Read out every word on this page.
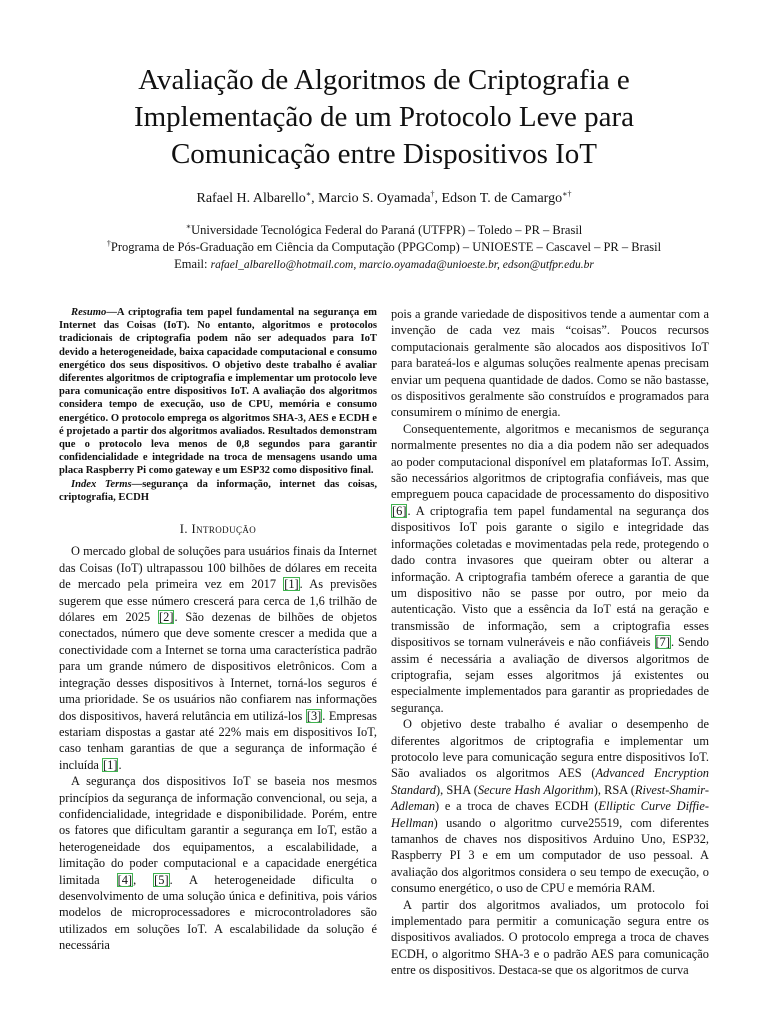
Avaliação de Algoritmos de Criptografia e Implementação de um Protocolo Leve para Comunicação entre Dispositivos IoT
Rafael H. Albarello∗, Marcio S. Oyamada†, Edson T. de Camargo∗†
∗Universidade Tecnológica Federal do Paraná (UTFPR) – Toledo – PR – Brasil
†Programa de Pós-Graduação em Ciência da Computação (PPGComp) – UNIOESTE – Cascavel – PR – Brasil
Email: rafael_albarello@hotmail.com, marcio.oyamada@unioeste.br, edson@utfpr.edu.br

Resumo—A criptografia tem papel fundamental na segurança em Internet das Coisas (IoT). No entanto, algoritmos e protocolos tradicionais de criptografia podem não ser adequados para IoT devido a heterogeneidade, baixa capacidade computacional e consumo energético dos seus dispositivos. O objetivo deste trabalho é avaliar diferentes algoritmos de criptografia e implementar um protocolo leve para comunicação entre dispositivos IoT. A avaliação dos algoritmos considera tempo de execução, uso de CPU, memória e consumo energético. O protocolo emprega os algoritmos SHA-3, AES e ECDH e é projetado a partir dos algoritmos avaliados. Resultados demonstram que o protocolo leva menos de 0,8 segundos para garantir confidencialidade e integridade na troca de mensagens usando uma placa Raspberry Pi como gateway e um ESP32 como dispositivo final.

Index Terms—segurança da informação, internet das coisas, criptografia, ECDH

I. Introdução

O mercado global de soluções para usuários finais da Internet das Coisas (IoT) ultrapassou 100 bilhões de dólares em receita de mercado pela primeira vez em 2017 [1]. As previsões sugerem que esse número crescerá para cerca de 1,6 trilhão de dólares em 2025 [2]. São dezenas de bilhões de objetos conectados, número que deve somente crescer a medida que a conectividade com a Internet se torna uma característica padrão para um grande número de dispositivos eletrônicos. Com a integração desses dispositivos à Internet, torná-los seguros é uma prioridade. Se os usuários não confiarem nas informações dos dispositivos, haverá relutância em utilizá-los [3]. Empresas estariam dispostas a gastar até 22% mais em dispositivos IoT, caso tenham garantias de que a segurança de informação é incluída [1].

A segurança dos dispositivos IoT se baseia nos mesmos princípios da segurança de informação convencional, ou seja, a confidencialidade, integridade e disponibilidade. Porém, entre os fatores que dificultam garantir a segurança em IoT, estão a heterogeneidade dos equipamentos, a escalabilidade, a limitação do poder computacional e a capacidade energética limitada [4], [5]. A heterogeneidade dificulta o desenvolvimento de uma solução única e definitiva, pois vários modelos de microprocessadores e microcontroladores são utilizados em soluções IoT. A escalabilidade da solução é necessária

pois a grande variedade de dispositivos tende a aumentar com a invenção de cada vez mais “coisas”. Poucos recursos computacionais geralmente são alocados aos dispositivos IoT para barateá-los e algumas soluções realmente apenas precisam enviar um pequena quantidade de dados. Como se não bastasse, os dispositivos geralmente são construídos e programados para consumirem o mínimo de energia.

Consequentemente, algoritmos e mecanismos de segurança normalmente presentes no dia a dia podem não ser adequados ao poder computacional disponível em plataformas IoT. Assim, são necessários algoritmos de criptografia confiáveis, mas que empreguem pouca capacidade de processamento do dispositivo [6]. A criptografia tem papel fundamental na segurança dos dispositivos IoT pois garante o sigilo e integridade das informações coletadas e movimentadas pela rede, protegendo o dado contra invasores que queiram obter ou alterar a informação. A criptografia também oferece a garantia de que um dispositivo não se passe por outro, por meio da autenticação. Visto que a essência da IoT está na geração e transmissão de informação, sem a criptografia esses dispositivos se tornam vulneráveis e não confiáveis [7]. Sendo assim é necessária a avaliação de diversos algoritmos de criptografia, sejam esses algoritmos já existentes ou especialmente implementados para garantir as propriedades de segurança.

O objetivo deste trabalho é avaliar o desempenho de diferentes algoritmos de criptografia e implementar um protocolo leve para comunicação segura entre dispositivos IoT. São avaliados os algoritmos AES (Advanced Encryption Standard), SHA (Secure Hash Algorithm), RSA (Rivest-Shamir-Adleman) e a troca de chaves ECDH (Elliptic Curve Diffie-Hellman) usando o algoritmo curve25519, com diferentes tamanhos de chaves nos dispositivos Arduino Uno, ESP32, Raspberry PI 3 e em um computador de uso pessoal. A avaliação dos algoritmos considera o seu tempo de execução, o consumo energético, o uso de CPU e memória RAM.

A partir dos algoritmos avaliados, um protocolo foi implementado para permitir a comunicação segura entre os dispositivos avaliados. O protocolo emprega a troca de chaves ECDH, o algoritmo SHA-3 e o padrão AES para comunicação entre os dispositivos. Destaca-se que os algoritmos de curva
